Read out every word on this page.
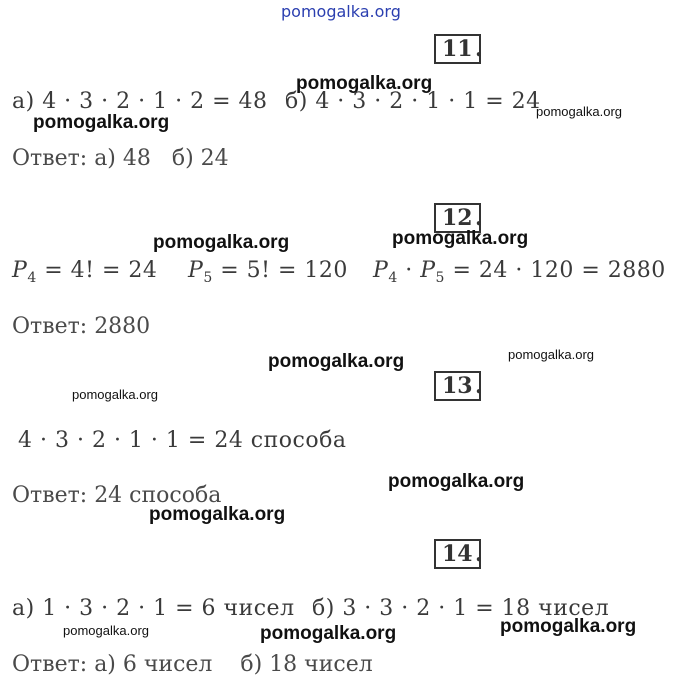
pomogalka.org
11 .
pomogalka.org
а) 4 · 3 · 2 · 1 · 2 = 48 б) 4 · 3 · 2 · 1 · 1 = 24
pomogalka.org
pomogalka.org
Ответ: а) 48   б) 24
12 .
pomogalka.org	pomogalka.org
$P_4 = 4$! = 24 $P_5 = 5$! = 120 $P_4 \cdot P_5 = 24 \cdot 120 = 2880$
Ответ: 2880
pomogalka.org	pomogalka.org
13 .
pomogalka.org
4 · 3 · 2 · 1 · 1 = 24 способа
pomogalka.org
Ответ: 24 способа
pomogalka.org
14 .
а) 1 · 3 · 2 · 1 = 6 чисел б) 3 · 3 · 2 · 1 = 18 чисел
pomogalka.org	pomogalka.org	pomogalka.org
Ответ: а) 6 чисел    б) 18 чисел
